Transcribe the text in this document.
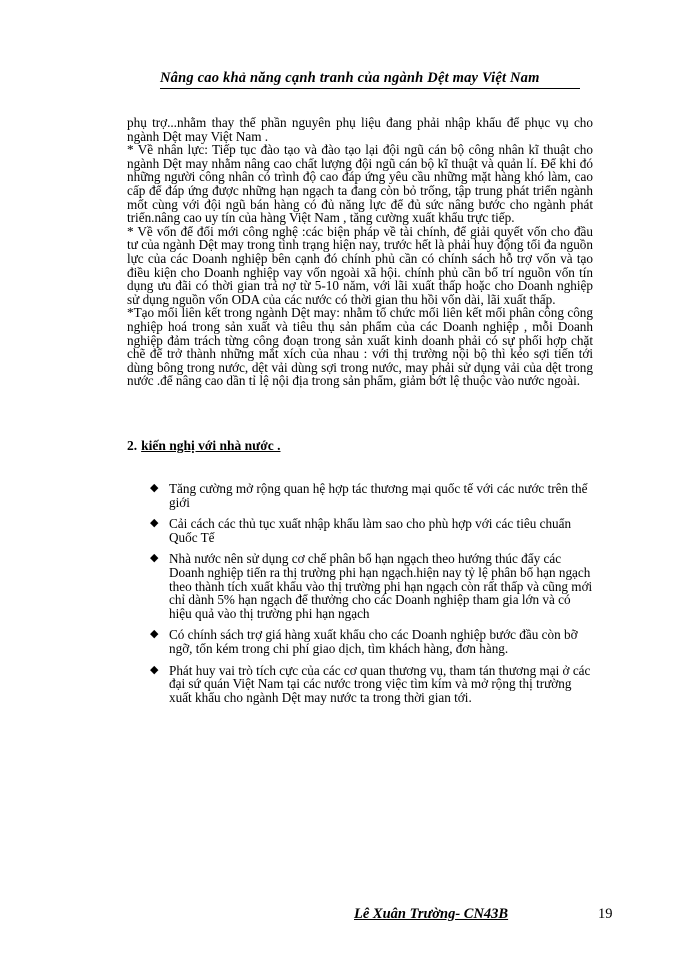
Nâng cao khả năng cạnh tranh của ngành Dệt may Việt Nam

phụ trợ...nhằm thay thế phần nguyên phụ liệu đang phải nhập khẩu để phục vụ cho ngành Dệt may Việt Nam .

* Về nhân lực: Tiếp tục đào tạo và đào tạo lại đội ngũ cán bộ công nhân kĩ thuật cho ngành Dệt may nhằm nâng cao chất lượng đội ngũ cán bộ kĩ thuật và quản lí. Để khi đó những người công nhân có trình độ cao đáp ứng yêu cầu những mặt hàng khó làm, cao cấp để đáp ứng được những hạn ngạch ta đang còn bỏ trống, tập trung phát triển ngành mốt cùng với đội ngũ bán hàng có đủ năng lực để đủ sức nâng bước cho ngành phát triển.nâng cao uy tín của hàng Việt Nam , tăng cường xuất khẩu trực tiếp.

* Về vốn để đổi mới công nghệ :các biện pháp về tài chính, để giải quyết vốn cho đầu tư của ngành Dệt may trong tình trạng hiện nay, trước hết là phải huy động tối đa nguồn lực của các Doanh nghiệp bên cạnh đó chính phủ cần có chính sách hỗ trợ vốn và tạo điều kiện cho Doanh nghiệp vay vốn ngoài xã hội. chính phủ cần bố trí nguồn vốn tín dụng ưu đãi có thời gian trả nợ từ 5-10 năm, với lãi xuất thấp hoặc cho Doanh nghiệp sử dụng nguồn vốn ODA của các nước có thời gian thu hồi vốn dài, lãi xuất thấp.

*Tạo mối liên kết trong ngành Dệt may: nhằm tổ chức mối liên kết mối phân công công nghiệp hoá trong sản xuất và tiêu thụ sản phẩm của các Doanh nghiệp , mỗi Doanh nghiệp đảm trách từng công đoạn trong sản xuất kinh doanh phải có sự phối hợp chặt chẽ để trở thành những mắt xích của nhau : với thị trường nội bộ thì kéo sợi tiến tới dùng bông trong nước, dệt vải dùng sợi trong nước, may phải sử dụng vải của dệt trong nước .để nâng cao dần tỉ lệ nội địa trong sản phẩm, giảm bớt lệ thuộc vào nước ngoài.

2. kiến nghị với nhà nước .
◆ Tăng cường mở rộng quan hệ hợp tác thương mại quốc tế với các nước trên thế giới
◆ Cải cách các thủ tục xuất nhập khẩu làm sao cho phù hợp với các tiêu chuẩn Quốc Tế
◆ Nhà nước nên sử dụng cơ chế phân bổ hạn ngạch theo hướng thúc đẩy các Doanh nghiệp tiến ra thị trường phi hạn ngạch.hiện nay tỷ lệ phân bổ hạn ngạch theo thành tích xuất khẩu vào thị trường phi hạn ngạch còn rất thấp và cũng mới chỉ dành 5% hạn ngạch để thưởng cho các Doanh nghiệp tham gia lớn và có hiệu quả vào thị trường phi hạn ngạch
◆ Có chính sách trợ giá hàng xuất khẩu cho các Doanh nghiệp bước đầu còn bỡ ngỡ, tốn kém trong chi phí giao dịch, tìm khách hàng, đơn hàng.
◆ Phát huy vai trò tích cực của các cơ quan thương vụ, tham tán thương mại ở các đại sứ quán Việt Nam tại các nước trong việc tìm kím và mở rộng thị trường xuất khẩu cho ngành Dệt may nước ta trong thời gian tới.
Lê Xuân Trường- CN43B	19
